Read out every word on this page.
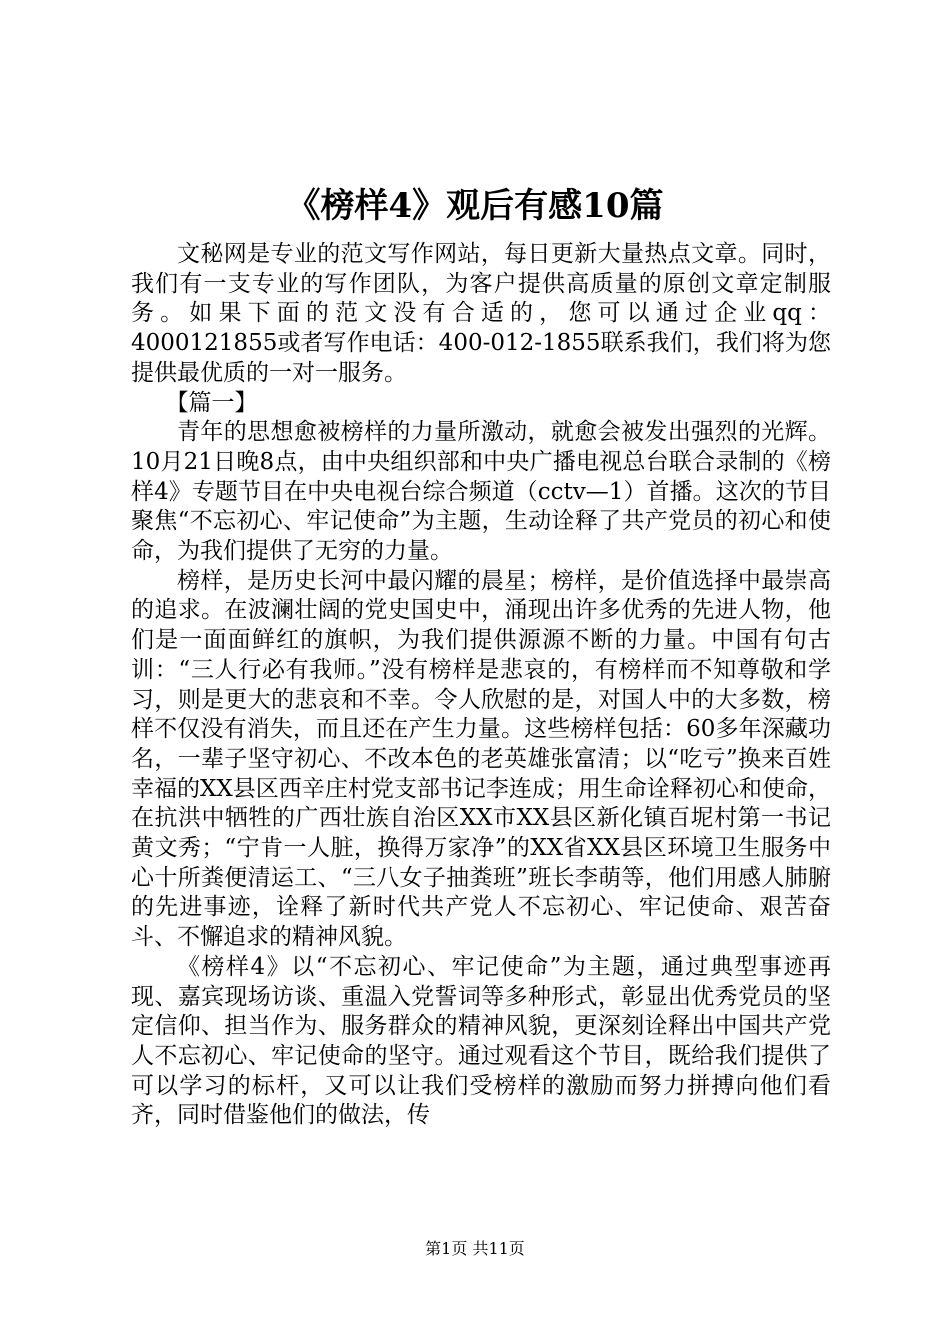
《榜样4》观后有感10篇

文秘网是专业的范文写作网站，每日更新大量热点文章。同时，我们有一支专业的写作团队，为客户提供高质量的原创文章定制服务。如果下面的范文没有合适的，您可以通过企业qq：4000121855或者写作电话：400-012-1855联系我们，我们将为您提供最优质的一对一服务。

【篇一】

青年的思想愈被榜样的力量所激动，就愈会被发出强烈的光辉。10月21日晚8点，由中央组织部和中央广播电视总台联合录制的《榜样4》专题节目在中央电视台综合频道（cctv—1）首播。这次的节目聚焦“不忘初心、牢记使命”为主题，生动诠释了共产党员的初心和使命，为我们提供了无穷的力量。

榜样，是历史长河中最闪耀的晨星；榜样，是价值选择中最崇高的追求。在波澜壮阔的党史国史中，涌现出许多优秀的先进人物，他们是一面面鲜红的旗帜，为我们提供源源不断的力量。中国有句古训：“三人行必有我师。”没有榜样是悲哀的，有榜样而不知尊敬和学习，则是更大的悲哀和不幸。令人欣慰的是，对国人中的大多数，榜样不仅没有消失，而且还在产生力量。这些榜样包括：60多年深藏功名，一辈子坚守初心、不改本色的老英雄张富清；以“吃亏”换来百姓幸福的XX县区西辛庄村党支部书记李连成；用生命诠释初心和使命，在抗洪中牺牲的广西壮族自治区XX市XX县区新化镇百坭村第一书记黄文秀；“宁肯一人脏，换得万家净”的XX省XX县区环境卫生服务中心十所粪便清运工、“三八女子抽粪班”班长李萌等，他们用感人肺腑的先进事迹，诠释了新时代共产党人不忘初心、牢记使命、艰苦奋斗、不懈追求的精神风貌。

《榜样4》以“不忘初心、牢记使命”为主题，通过典型事迹再现、嘉宾现场访谈、重温入党誓词等多种形式，彰显出优秀党员的坚定信仰、担当作为、服务群众的精神风貌，更深刻诠释出中国共产党人不忘初心、牢记使命的坚守。通过观看这个节目，既给我们提供了可以学习的标杆，又可以让我们受榜样的激励而努力拼搏向他们看齐，同时借鉴他们的做法，传

第1页 共11页
